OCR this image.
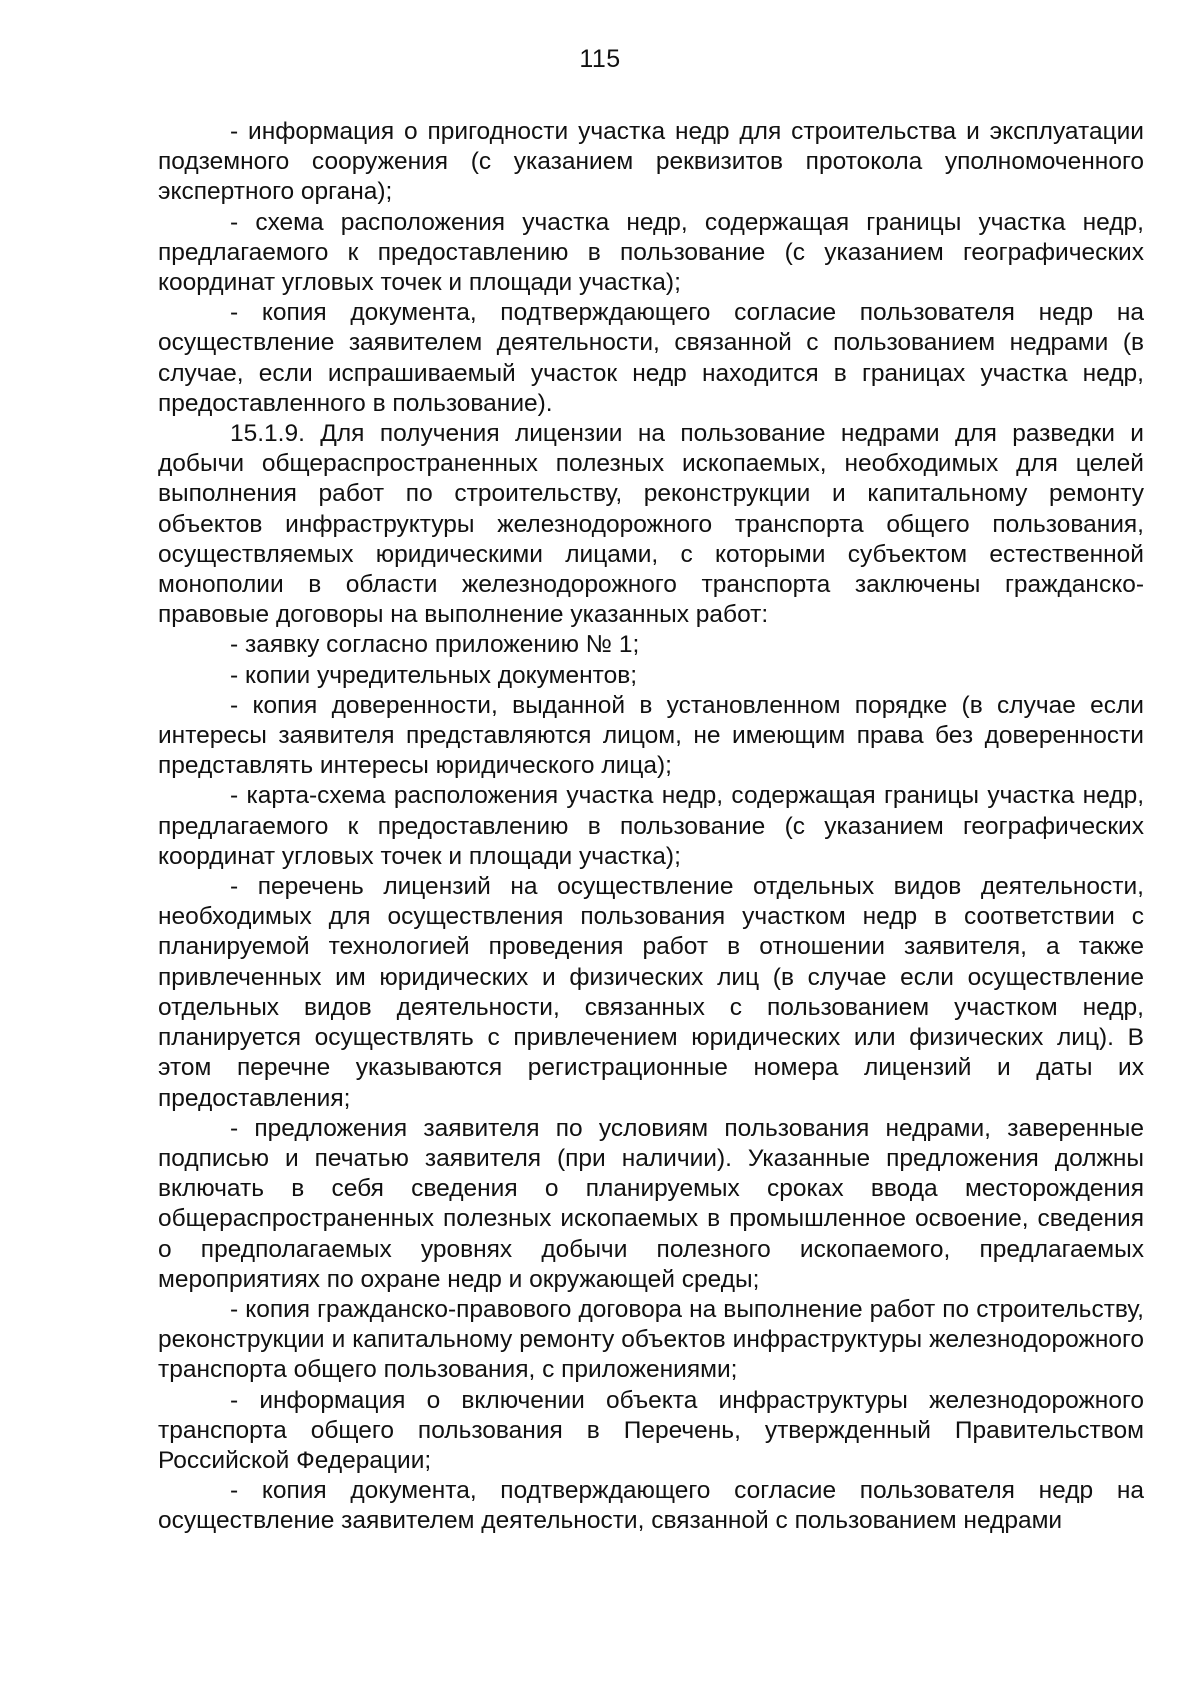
115

- информация о пригодности участка недр для строительства и эксплуатации подземного сооружения (с указанием реквизитов протокола уполномоченного экспертного органа);

- схема расположения участка недр, содержащая границы участка недр, предлагаемого к предоставлению в пользование (с указанием географических координат угловых точек и площади участка);

- копия документа, подтверждающего согласие пользователя недр на осуществление заявителем деятельности, связанной с пользованием недрами (в случае, если испрашиваемый участок недр находится в границах участка недр, предоставленного в пользование).

15.1.9. Для получения лицензии на пользование недрами для разведки и добычи общераспространенных полезных ископаемых, необходимых для целей выполнения работ по строительству, реконструкции и капитальному ремонту объектов инфраструктуры железнодорожного транспорта общего пользования, осуществляемых юридическими лицами, с которыми субъектом естественной монополии в области железнодорожного транспорта заключены гражданско-правовые договоры на выполнение указанных работ:

- заявку согласно приложению № 1;

- копии учредительных документов;

- копия доверенности, выданной в установленном порядке (в случае если интересы заявителя представляются лицом, не имеющим права без доверенности представлять интересы юридического лица);

- карта-схема расположения участка недр, содержащая границы участка недр, предлагаемого к предоставлению в пользование (с указанием географических координат угловых точек и площади участка);

- перечень лицензий на осуществление отдельных видов деятельности, необходимых для осуществления пользования участком недр в соответствии с планируемой технологией проведения работ в отношении заявителя, а также привлеченных им юридических и физических лиц (в случае если осуществление отдельных видов деятельности, связанных с пользованием участком недр, планируется осуществлять с привлечением юридических или физических лиц). В этом перечне указываются регистрационные номера лицензий и даты их предоставления;

- предложения заявителя по условиям пользования недрами, заверенные подписью и печатью заявителя (при наличии). Указанные предложения должны включать в себя сведения о планируемых сроках ввода месторождения общераспространенных полезных ископаемых в промышленное освоение, сведения о предполагаемых уровнях добычи полезного ископаемого, предлагаемых мероприятиях по охране недр и окружающей среды;

- копия гражданско-правового договора на выполнение работ по строительству, реконструкции и капитальному ремонту объектов инфраструктуры железнодорожного транспорта общего пользования, с приложениями;

- информация о включении объекта инфраструктуры железнодорожного транспорта общего пользования в Перечень, утвержденный Правительством Российской Федерации;

- копия документа, подтверждающего согласие пользователя недр на осуществление заявителем деятельности, связанной с пользованием недрами
